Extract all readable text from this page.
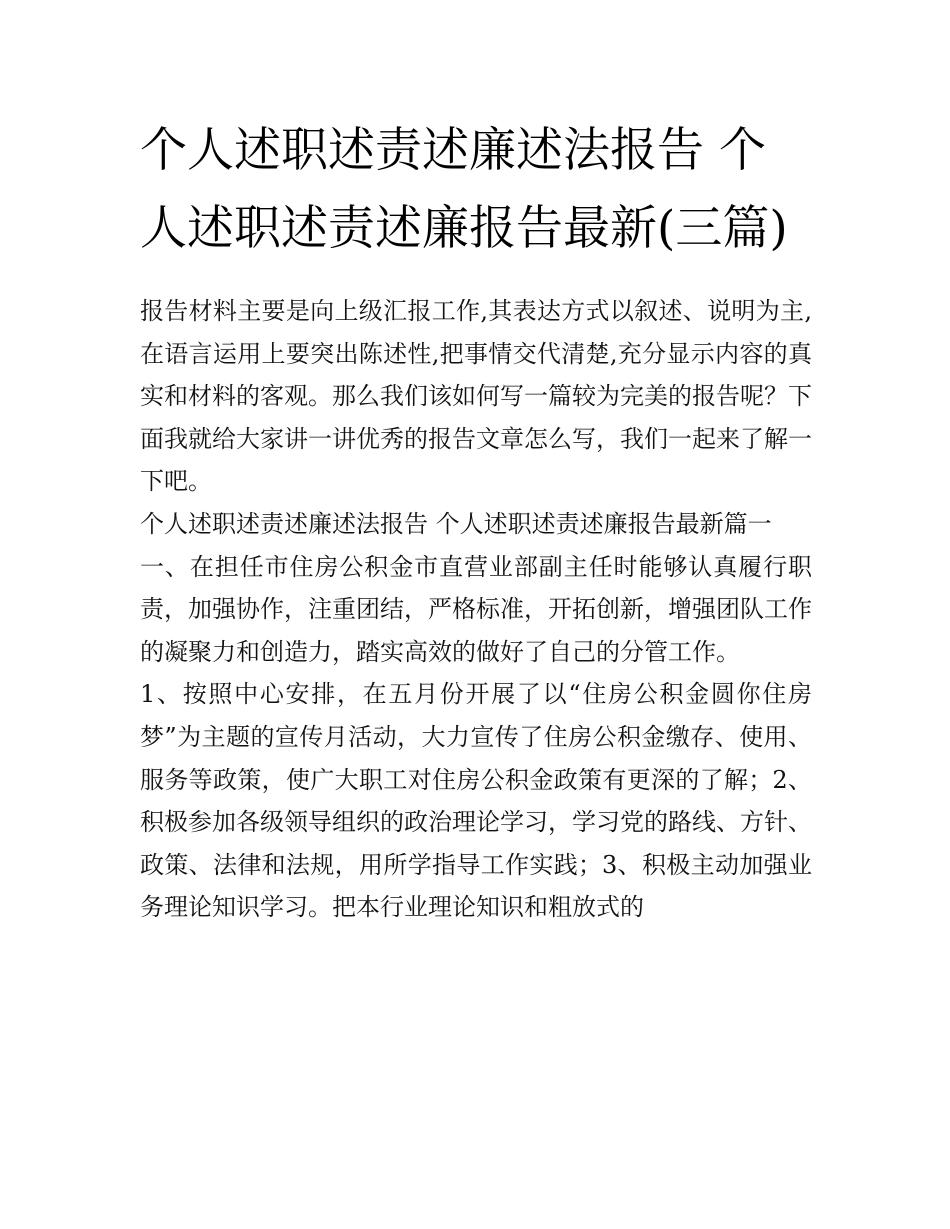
个人述职述责述廉述法报告 个人述职述责述廉报告最新(三篇)

报告材料主要是向上级汇报工作,其表达方式以叙述、说明为主,在语言运用上要突出陈述性,把事情交代清楚,充分显示内容的真实和材料的客观。那么我们该如何写一篇较为完美的报告呢？下面我就给大家讲一讲优秀的报告文章怎么写，我们一起来了解一下吧。

个人述职述责述廉述法报告 个人述职述责述廉报告最新篇一

一、在担任市住房公积金市直营业部副主任时能够认真履行职责，加强协作，注重团结，严格标准，开拓创新，增强团队工作的凝聚力和创造力，踏实高效的做好了自己的分管工作。

1、按照中心安排，在五月份开展了以“住房公积金圆你住房梦”为主题的宣传月活动，大力宣传了住房公积金缴存、使用、服务等政策，使广大职工对住房公积金政策有更深的了解；2、积极参加各级领导组织的政治理论学习，学习党的路线、方针、政策、法律和法规，用所学指导工作实践；3、积极主动加强业务理论知识学习。把本行业理论知识和粗放式的
